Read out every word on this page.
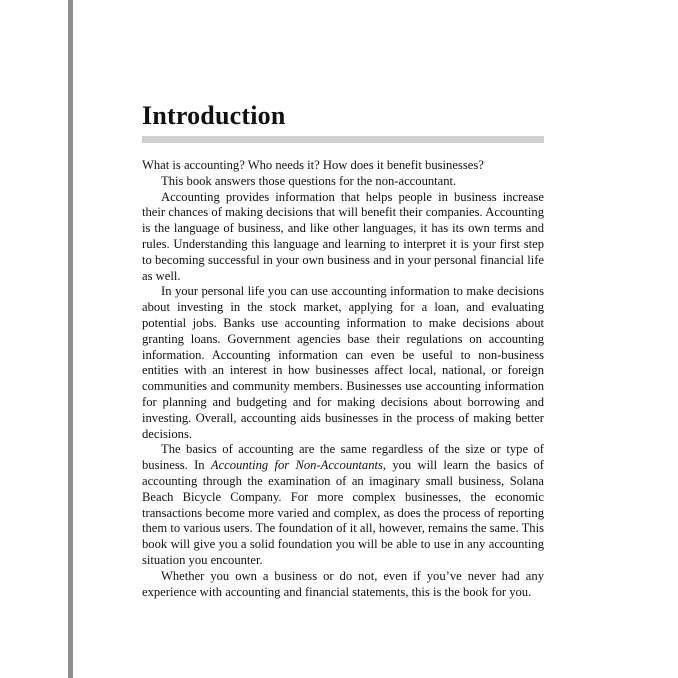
Introduction

What is accounting? Who needs it? How does it benefit businesses?

This book answers those questions for the non-accountant.

Accounting provides information that helps people in business increase their chances of making decisions that will benefit their companies. Accounting is the language of business, and like other languages, it has its own terms and rules. Understanding this language and learning to interpret it is your first step to becoming successful in your own business and in your personal financial life as well.

In your personal life you can use accounting information to make decisions about investing in the stock market, applying for a loan, and evaluating potential jobs. Banks use accounting information to make decisions about granting loans. Government agencies base their regulations on accounting information. Accounting information can even be useful to non-business entities with an interest in how businesses affect local, national, or foreign communities and community members. Businesses use accounting information for planning and budgeting and for making decisions about borrowing and investing. Overall, accounting aids businesses in the process of making better decisions.

The basics of accounting are the same regardless of the size or type of business. In Accounting for Non-Accountants, you will learn the basics of accounting through the examination of an imaginary small business, Solana Beach Bicycle Company. For more complex businesses, the economic transactions become more varied and complex, as does the process of reporting them to various users. The foundation of it all, however, remains the same. This book will give you a solid foundation you will be able to use in any accounting situation you encounter.

Whether you own a business or do not, even if you’ve never had any experience with accounting and financial statements, this is the book for you.
